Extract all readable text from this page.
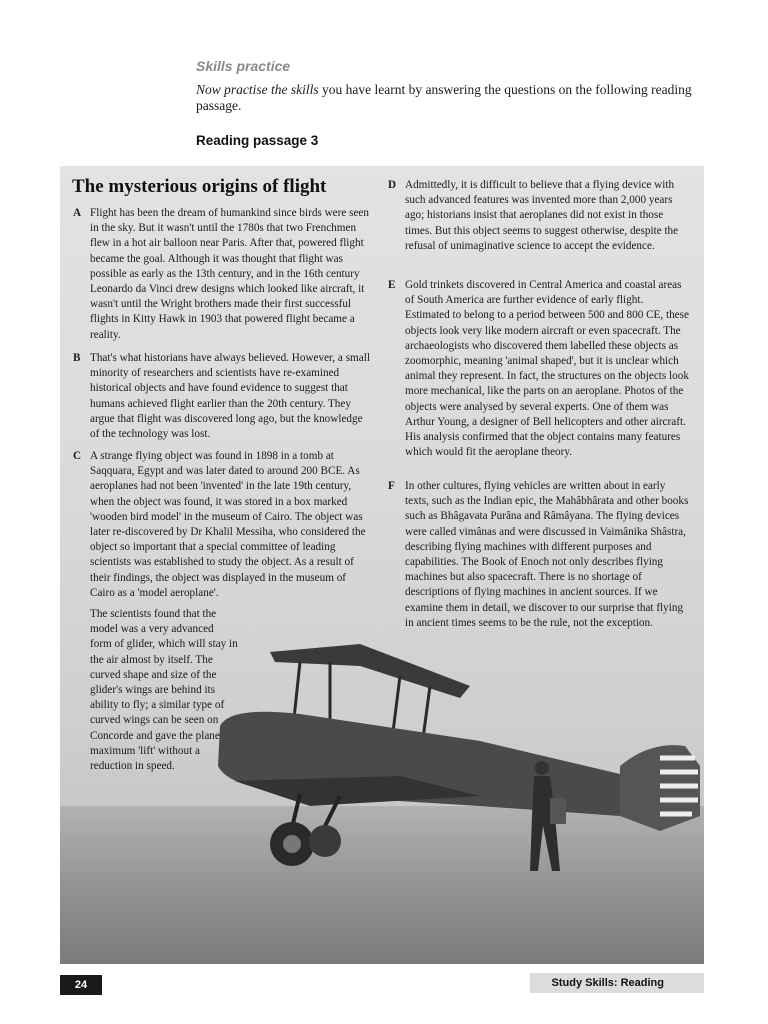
Skills practice
Now practise the skills you have learnt by answering the questions on the following reading passage.
Reading passage 3
The mysterious origins of flight
A Flight has been the dream of humankind since birds were seen in the sky. But it wasn't until the 1780s that two Frenchmen flew in a hot air balloon near Paris. After that, powered flight became the goal. Although it was thought that flight was possible as early as the 13th century, and in the 16th century Leonardo da Vinci drew designs which looked like aircraft, it wasn't until the Wright brothers made their first successful flights in Kitty Hawk in 1903 that powered flight became a reality.

B That's what historians have always believed. However, a small minority of researchers and scientists have re-examined historical objects and have found evidence to suggest that humans achieved flight earlier than the 20th century. They argue that flight was discovered long ago, but the knowledge of the technology was lost.

C A strange flying object was found in 1898 in a tomb at Saqquara, Egypt and was later dated to around 200 BCE. As aeroplanes had not been 'invented' in the late 19th century, when the object was found, it was stored in a box marked 'wooden bird model' in the museum of Cairo. The object was later re-discovered by Dr Khalil Messiha, who considered the object so important that a special committee of leading scientists was established to study the object. As a result of their findings, the object was displayed in the museum of Cairo as a 'model aeroplane'.

The scientists found that the model was a very advanced form of glider, which will stay in the air almost by itself. The curved shape and size of the glider's wings are behind its ability to fly; a similar type of curved wings can be seen on Concorde and gave the plane maximum 'lift' without a reduction in speed.

D Admittedly, it is difficult to believe that a flying device with such advanced features was invented more than 2,000 years ago; historians insist that aeroplanes did not exist in those times. But this object seems to suggest otherwise, despite the refusal of unimaginative science to accept the evidence.

E Gold trinkets discovered in Central America and coastal areas of South America are further evidence of early flight. Estimated to belong to a period between 500 and 800 CE, these objects look very like modern aircraft or even spacecraft. The archaeologists who discovered them labelled these objects as zoomorphic, meaning 'animal shaped', but it is unclear which animal they represent. In fact, the structures on the objects look more mechanical, like the parts on an aeroplane. Photos of the objects were analysed by several experts. One of them was Arthur Young, a designer of Bell helicopters and other aircraft. His analysis confirmed that the object contains many features which would fit the aeroplane theory.

F In other cultures, flying vehicles are written about in early texts, such as the Indian epic, the Mahâbhârata and other books such as Bhâgavata Purâna and Râmâyana. The flying devices were called vimânas and were discussed in Vaimânika Shâstra, describing flying machines with different purposes and capabilities. The Book of Enoch not only describes flying machines but also spacecraft. There is no shortage of descriptions of flying machines in ancient sources. If we examine them in detail, we discover to our surprise that flying in ancient times seems to be the rule, not the exception.

24	Study Skills: Reading
